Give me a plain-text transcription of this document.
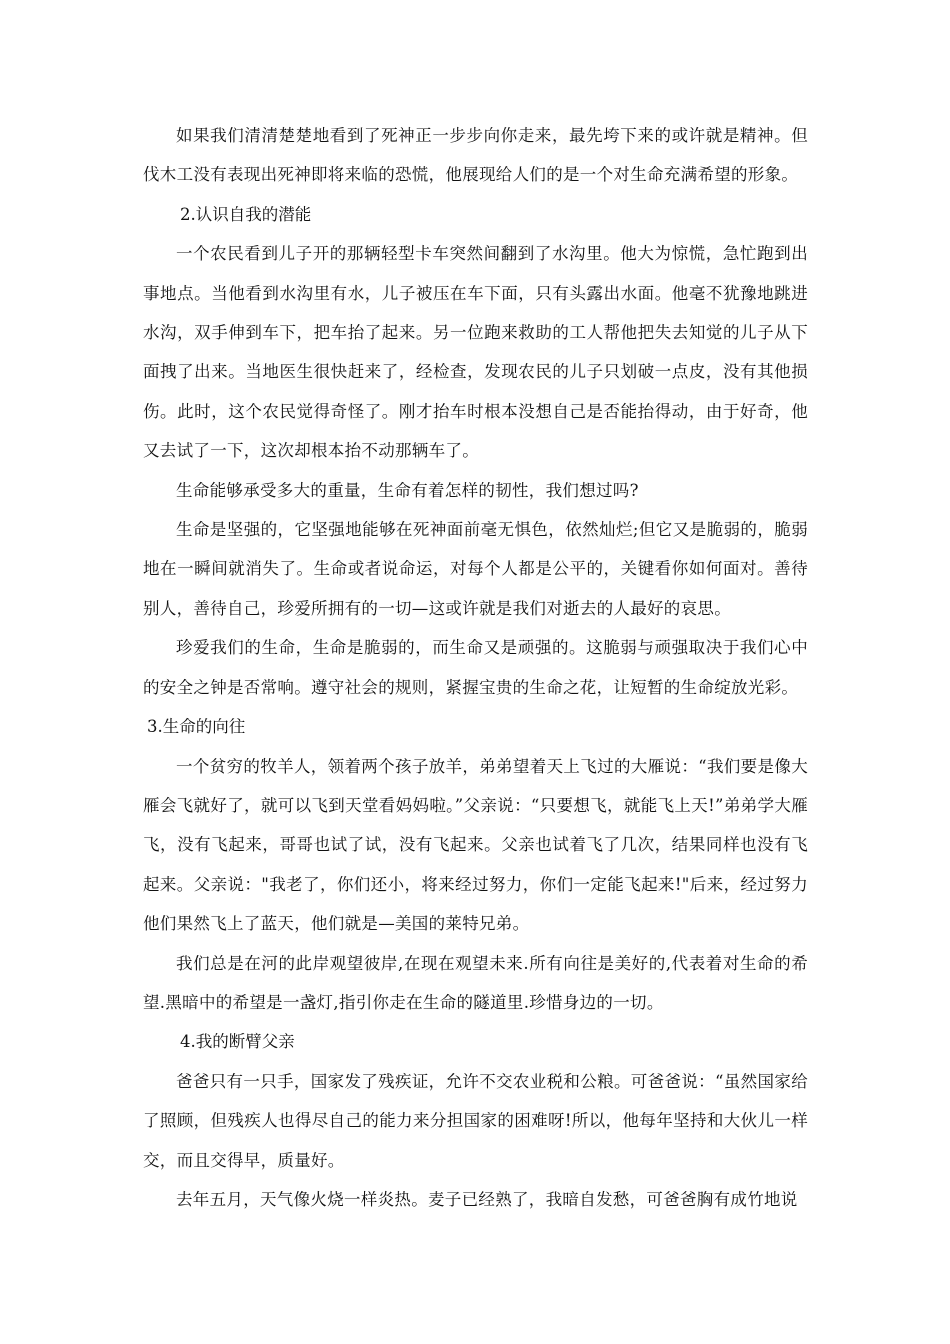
如果我们清清楚楚地看到了死神正一步步向你走来，最先垮下来的或许就是精神。但伐木工没有表现出死神即将来临的恐慌，他展现给人们的是一个对生命充满希望的形象。

2.认识自我的潜能

一个农民看到儿子开的那辆轻型卡车突然间翻到了水沟里。他大为惊慌，急忙跑到出事地点。当他看到水沟里有水，儿子被压在车下面，只有头露出水面。他毫不犹豫地跳进水沟，双手伸到车下，把车抬了起来。另一位跑来救助的工人帮他把失去知觉的儿子从下面拽了出来。当地医生很快赶来了，经检查，发现农民的儿子只划破一点皮，没有其他损伤。此时，这个农民觉得奇怪了。刚才抬车时根本没想自己是否能抬得动，由于好奇，他又去试了一下，这次却根本抬不动那辆车了。

生命能够承受多大的重量，生命有着怎样的韧性，我们想过吗?

生命是坚强的，它坚强地能够在死神面前毫无惧色，依然灿烂;但它又是脆弱的，脆弱地在一瞬间就消失了。生命或者说命运，对每个人都是公平的，关键看你如何面对。善待别人，善待自己，珍爱所拥有的一切—这或许就是我们对逝去的人最好的哀思。

珍爱我们的生命，生命是脆弱的，而生命又是顽强的。这脆弱与顽强取决于我们心中的安全之钟是否常响。遵守社会的规则，紧握宝贵的生命之花，让短暂的生命绽放光彩。

3.生命的向往

一个贫穷的牧羊人，领着两个孩子放羊，弟弟望着天上飞过的大雁说：“我们要是像大雁会飞就好了，就可以飞到天堂看妈妈啦。”父亲说：“只要想飞，就能飞上天!”弟弟学大雁飞，没有飞起来，哥哥也试了试，没有飞起来。父亲也试着飞了几次，结果同样也没有飞起来。父亲说："我老了，你们还小，将来经过努力，你们一定能飞起来!"后来，经过努力他们果然飞上了蓝天，他们就是—美国的莱特兄弟。

我们总是在河的此岸观望彼岸,在现在观望未来.所有向往是美好的,代表着对生命的希望.黑暗中的希望是一盏灯,指引你走在生命的隧道里.珍惜身边的一切。

4.我的断臂父亲

爸爸只有一只手，国家发了残疾证，允许不交农业税和公粮。可爸爸说：“虽然国家给了照顾，但残疾人也得尽自己的能力来分担国家的困难呀!所以，他每年坚持和大伙儿一样交，而且交得早，质量好。

去年五月，天气像火烧一样炎热。麦子已经熟了，我暗自发愁，可爸爸胸有成竹地说
